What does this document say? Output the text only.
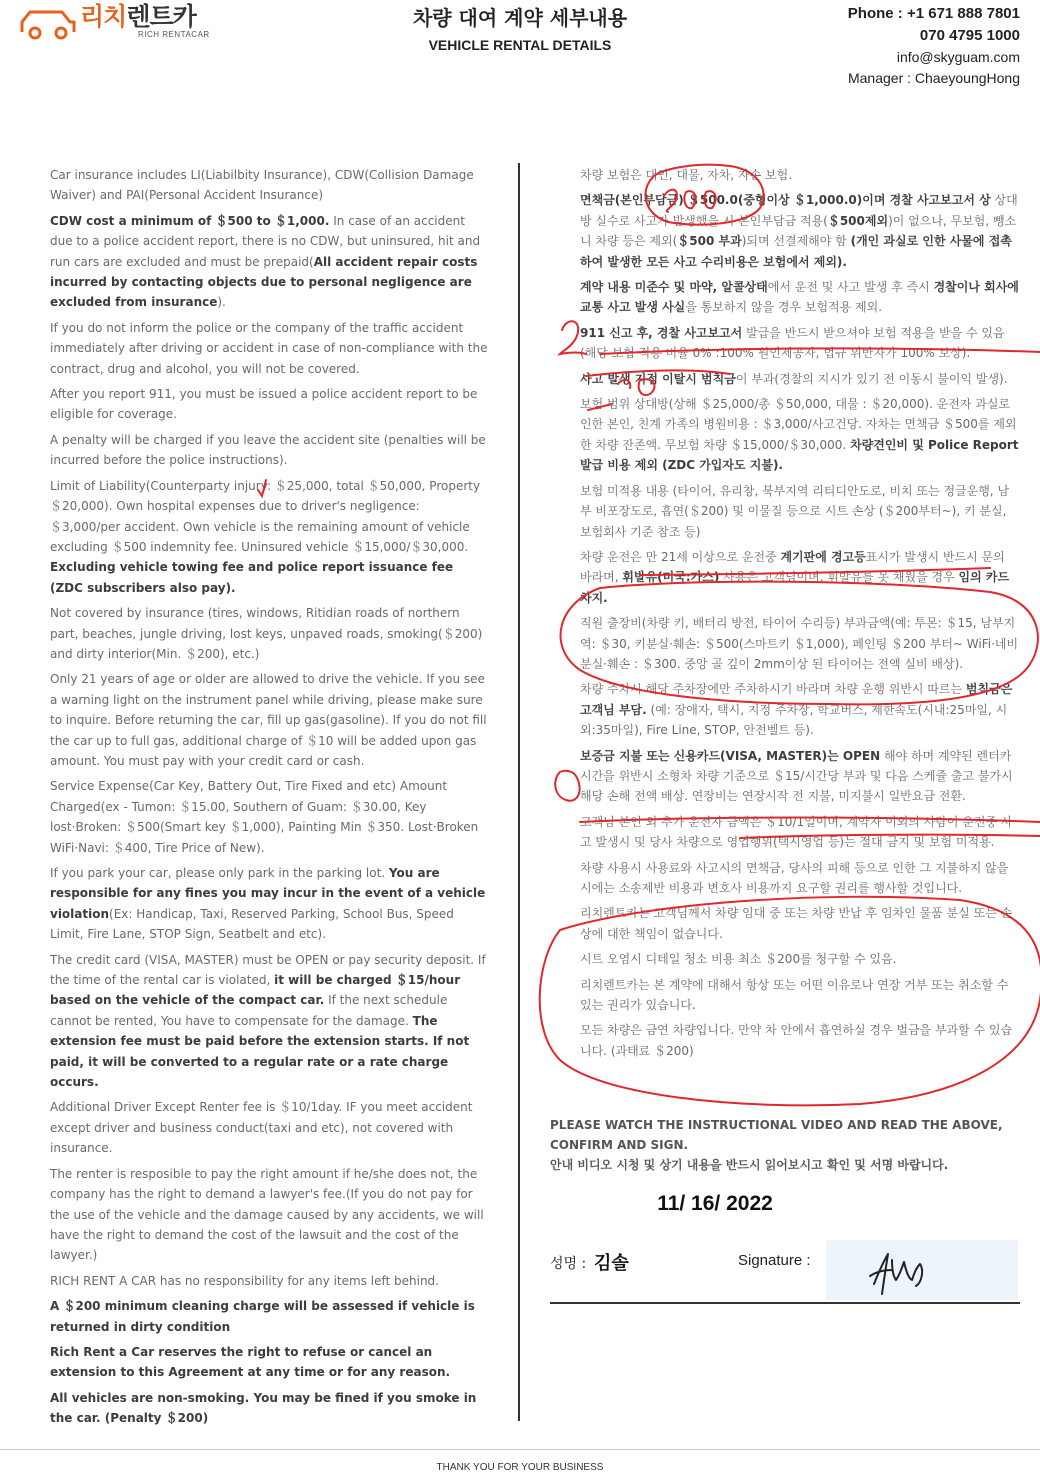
리치렌트카
RICH RENTACAR
차량 대여 계약 세부내용
VEHICLE RENTAL DETAILS
Phone : +1 671 888 7801
070 4795 1000
info@skyguam.com
Manager : ChaeyoungHong

Car insurance includes LI(Liabilbity Insurance), CDW(Collision Damage Waiver) and PAI(Personal Accident Insurance)

CDW cost a minimum of ＄500 to ＄1,000. In case of an accident due to a police accident report, there is no CDW, but uninsured, hit and run cars are excluded and must be prepaid(All accident repair costs incurred by contacting objects due to personal negligence are excluded from insurance).

If you do not inform the police or the company of the traffic accident immediately after driving or accident in case of non-compliance with the contract, drug and alcohol, you will not be covered.

After you report 911, you must be issued a police accident report to be eligible for coverage.

A penalty will be charged if you leave the accident site (penalties will be incurred before the police instructions).

Limit of Liability(Counterparty injury: ＄25,000, total ＄50,000, Property ＄20,000). Own hospital expenses due to driver's negligence: ＄3,000/per accident. Own vehicle is the remaining amount of vehicle excluding ＄500 indemnity fee. Uninsured vehicle ＄15,000/＄30,000. Excluding vehicle towing fee and police report issuance fee (ZDC subscribers also pay).

Not covered by insurance (tires, windows, Ritidian roads of northern part, beaches, jungle driving, lost keys, unpaved roads, smoking(＄200) and dirty interior(Min. ＄200), etc.)

Only 21 years of age or older are allowed to drive the vehicle. If you see a warning light on the instrument panel while driving, please make sure to inquire. Before returning the car, fill up gas(gasoline). If you do not fill the car up to full gas, additional charge of ＄10 will be added upon gas amount. You must pay with your credit card or cash.

Service Expense(Car Key, Battery Out, Tire Fixed and etc) Amount Charged(ex - Tumon: ＄15.00, Southern of Guam: ＄30.00, Key lost·Broken: ＄500(Smart key ＄1,000), Painting Min ＄350. Lost·Broken WiFi·Navi: ＄400, Tire Price of New).

If you park your car, please only park in the parking lot. You are responsible for any fines you may incur in the event of a vehicle violation(Ex: Handicap, Taxi, Reserved Parking, School Bus, Speed Limit, Fire Lane, STOP Sign, Seatbelt and etc).

The credit card (VISA, MASTER) must be OPEN or pay security deposit. If the time of the rental car is violated, it will be charged ＄15/hour based on the vehicle of the compact car. If the next schedule cannot be rented, You have to compensate for the damage. The extension fee must be paid before the extension starts. If not paid, it will be converted to a regular rate or a rate charge occurs.

Additional Driver Except Renter fee is ＄10/1day. IF you meet accident except driver and business conduct(taxi and etc), not covered with insurance.

The renter is resposible to pay the right amount if he/she does not, the company has the right to demand a lawyer's fee.(If you do not pay for the use of the vehicle and the damage caused by any accidents, we will have the right to demand the cost of the lawsuit and the cost of the lawyer.)

RICH RENT A CAR has no responsibility for any items left behind.

A ＄200 minimum cleaning charge will be assessed if vehicle is returned in dirty condition

Rich Rent a Car reserves the right to refuse or cancel an extension to this Agreement at any time or for any reason.

All vehicles are non-smoking. You may be fined if you smoke in the car. (Penalty ＄200)

차량 보험은 대인, 대물, 자차, 자손 보험.

면책금(본인부담금) ＄500.0(중형이상 ＄1,000.0)이며 경찰 사고보고서 상 상대방 실수로 사고가 발생했을 시 본인부담금 적용(＄500제외)이 없으나, 무보험, 뺑소니 차량 등은 제외(＄500 부과)되며 선결제해야 함 (개인 과실로 인한 사물에 접촉하여 발생한 모든 사고 수리비용은 보험에서 제외).

계약 내용 미준수 및 마약, 알콜상태에서 운전 및 사고 발생 후 즉시 경찰이나 회사에 교통 사고 발생 사실을 통보하지 않을 경우 보험적용 제외.

911 신고 후, 경찰 사고보고서 발급을 반드시 받으셔야 보험 적용을 받을 수 있음(해당 보험 적용 비율 0% :100% 원인제공자, 법규 위반자가 100% 보상).

사고 발생 지점 이탈시 범칙금이 부과(경찰의 지시가 있기 전 이동시 불이익 발생).

보험 범위 상대방(상해 ＄25,000/총 ＄50,000, 대물 : ＄20,000). 운전자 과실로 인한 본인, 친계 가족의 병원비용 : ＄3,000/사고건당. 자차는 면책금 ＄500를 제외한 차량 잔존액. 무보험 차량 ＄15,000/＄30,000. 차량견인비 및 Police Report 발급 비용 제외 (ZDC 가입자도 지불).

보험 미적용 내용 (타이어, 유리창, 북부지역 리티디안도로, 비치 또는 정글운행, 남부 비포장도로, 흡연(＄200) 및 이물질 등으로 시트 손상 (＄200부터~), 키 분실, 보험회사 기준 참조 등)

차량 운전은 만 21세 이상으로 운전중 계기판에 경고등표시가 발생시 반드시 문의 바라며, 휘발유(미국:가스) 사용은 고객님이며, 휘발유를 못 채웠을 경우 임의 카드 차지.

직원 출장비(차량 키, 배터리 방전, 타이어 수리등) 부과금액(예: 투몬: ＄15, 남부지역: ＄30, 키분실·훼손: ＄500(스마트키 ＄1,000), 페인팅 ＄200 부터~ WiFi·네비 분실·훼손 : ＄300. 중앙 골 깊이 2mm이상 된 타이어는 전액 실비 배상).

차량 주차시 해당 주차장에만 주차하시기 바라며 차량 운행 위반시 따르는 범칙금은 고객님 부담. (예: 장애자, 택시, 지정 주차장, 학교버스, 제한속도(시내:25마일, 시외:35마일), Fire Line, STOP, 안전벨트 등).

보증금 지불 또는 신용카드(VISA, MASTER)는 OPEN 해야 하며 계약된 렌터카 시간을 위반시 소형차 차량 기준으로 ＄15/시간당 부과 및 다음 스케쥴 출고 불가시 해당 손해 전액 배상. 연장비는 연장시작 전 지불, 미지불시 일반요금 전환.

고객님 본인 외 추가 운전자 금액은 ＄10/1일이며, 계약자 이외의 사람이 운전중 사고 발생시 및 당사 차량으로 영업행위(택시영업 등)는 절대 금지 및 보험 미적용.

차량 사용시 사용료와 사고시의 면책금, 당사의 피해 등으로 인한 그 지불하지 않을 시에는 소송제반 비용과 변호사 비용까지 요구할 권리를 행사할 것입니다.

리치렌트카는 고객님께서 차량 임대 중 또는 차량 반납 후 임차인 물품 분실 또는 손상에 대한 책임이 없습니다.

시트 오염시 디테일 청소 비용 최소 ＄200를 청구할 수 있음.

리치렌트카는 본 계약에 대해서 항상 또는 어떤 이유로나 연장 거부 또는 취소할 수 있는 권리가 있습니다.

모든 차량은 금연 차량입니다. 만약 차 안에서 흡연하실 경우 벌금을 부과할 수 있습니다. (과태료 ＄200)

PLEASE WATCH THE INSTRUCTIONAL VIDEO AND READ THE ABOVE, CONFIRM AND SIGN.

안내 비디오 시청 및 상기 내용을 반드시 읽어보시고 확인 및 서명 바랍니다.

11/ 16/ 2022
성명 : 김솔	Signature :
THANK YOU FOR YOUR BUSINESS
